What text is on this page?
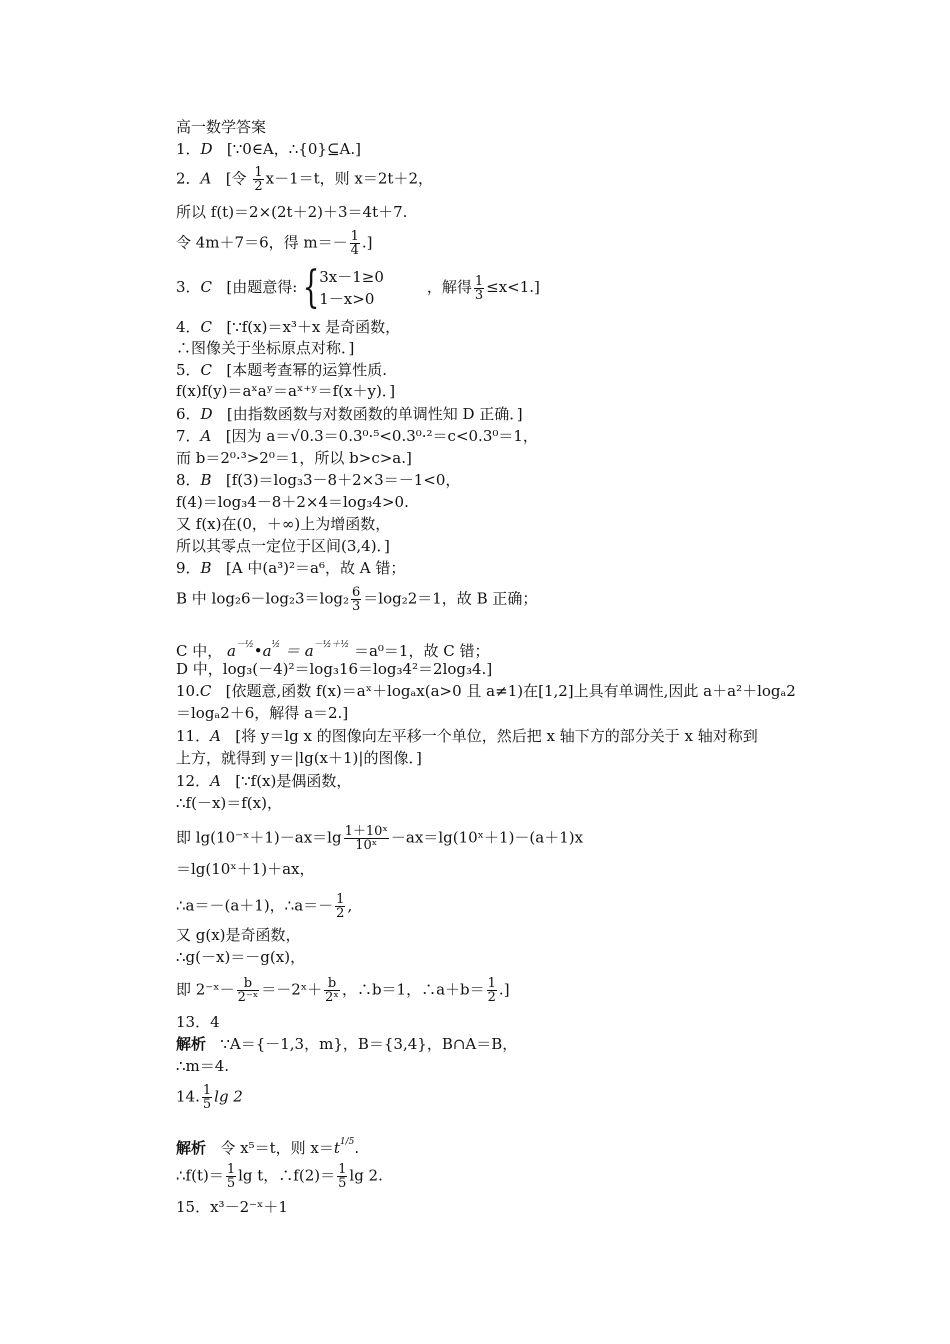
高一数学答案
1．D [∵0∈A，∴{0}⊆A.]
2．A [令 $\frac{1}{2} x-1=t$，则 x＝2t＋2，
所以 f(t)＝2×(2t＋2)＋3＝4t＋7.
令 4m＋7＝6，得 $m=- \frac{1}{4}$ .]
3．C [由题意得: { 3x－1≥0
1－x>0
，解得 $\frac{1}{3} \le x<1$.]
4．C [∵f(x)＝x³＋x 是奇函数，
∴图像关于坐标原点对称．]
5．C [本题考查幂的运算性质.
f(x)f(y)＝aˣaʸ＝aˣ⁺ʸ＝f(x＋y)．]
6．D [由指数函数与对数函数的单调性知 D 正确．]
7．A [因为 a＝√0.3＝0.3⁰·⁵<0.3⁰·²＝c<0.3⁰＝1，
而 b＝2⁰·³>2⁰＝1，所以 b>c>a.]
8．B [f(3)＝log₃3－8＋2×3＝－1<0，
f(4)＝log₃4－8＋2×4＝log₃4>0.
又 f(x)在(0，＋∞)上为增函数，
所以其零点一定位于区间(3,4)．]
9．B [A 中(a³)²＝a⁶，故 A 错；
B 中 $\log_26-\log_23=\log_2 \frac{6}{3} =\log_22=1$，故 B 正确；
C 中， a－½•a½ ＝ a－½＋½ ＝a⁰＝1，故 C 错；
D 中，log₃(－4)²＝log₃16＝log₃4²＝2log₃4.]
10.C [依题意,函数 f(x)＝aˣ＋logₐx(a>0 且 a≠1)在[1,2]上具有单调性,因此 a＋a²＋logₐ2
＝logₐ2＋6，解得 a＝2.]
11．A [将 y＝lg x 的图像向左平移一个单位，然后把 x 轴下方的部分关于 x 轴对称到
上方，就得到 y＝|lg(x＋1)|的图像．]
12．A [∵f(x)是偶函数，
∴f(－x)＝f(x)，
即 lg(10⁻ˣ＋1)－ax＝lg $\frac{\text{1＋10ˣ}}{\text{10ˣ}}$ －ax＝lg(10ˣ＋1)－(a＋1)x
＝lg(10ˣ＋1)＋ax，
∴a＝－(a＋1)，∴a＝－ $\frac{1}{2}$ ,
又 g(x)是奇函数，
∴g(－x)＝－g(x)，
即 2⁻ˣ－ $\frac{b}{\text{2⁻ˣ}}$ ＝－2ˣ＋ $\frac{b}{\text{2ˣ}}$ ，∴b＝1，∴a＋b＝ $\frac{1}{2}$ .]
13．4
解析 ∵A＝{－1,3，m}，B＝{3,4}，B∩A＝B，
∴m＝4.
14. $\frac{1}{5}$ lg 2
解析 令 x⁵＝t，则 x＝t1/5.
∴f(t)＝ $\frac{1}{5}$ lg t，∴f(2)＝ $\frac{1}{5}$ lg 2.
15．x³－2⁻ˣ＋1
